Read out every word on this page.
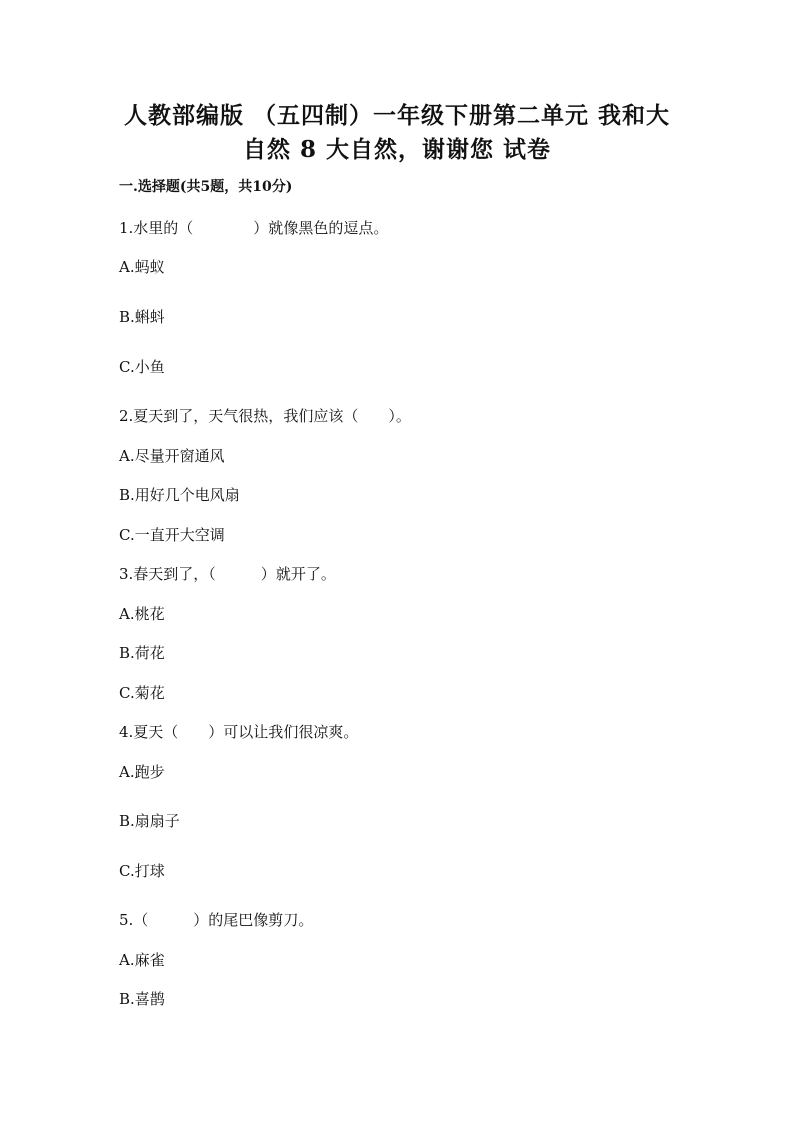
人教部编版 （五四制）一年级下册第二单元 我和大
自然 8 大自然，谢谢您 试卷
一.选择题(共5题，共10分)
1.水里的（　　　　）就像黑色的逗点。
A.蚂蚁
B.蝌蚪
C.小鱼
2.夏天到了，天气很热，我们应该（　　）。
A.尽量开窗通风
B.用好几个电风扇
C.一直开大空调
3.春天到了，（　　　）就开了。
A.桃花
B.荷花
C.菊花
4.夏天（　　）可以让我们很凉爽。
A.跑步
B.扇扇子
C.打球
5.（　　　）的尾巴像剪刀。
A.麻雀
B.喜鹊
